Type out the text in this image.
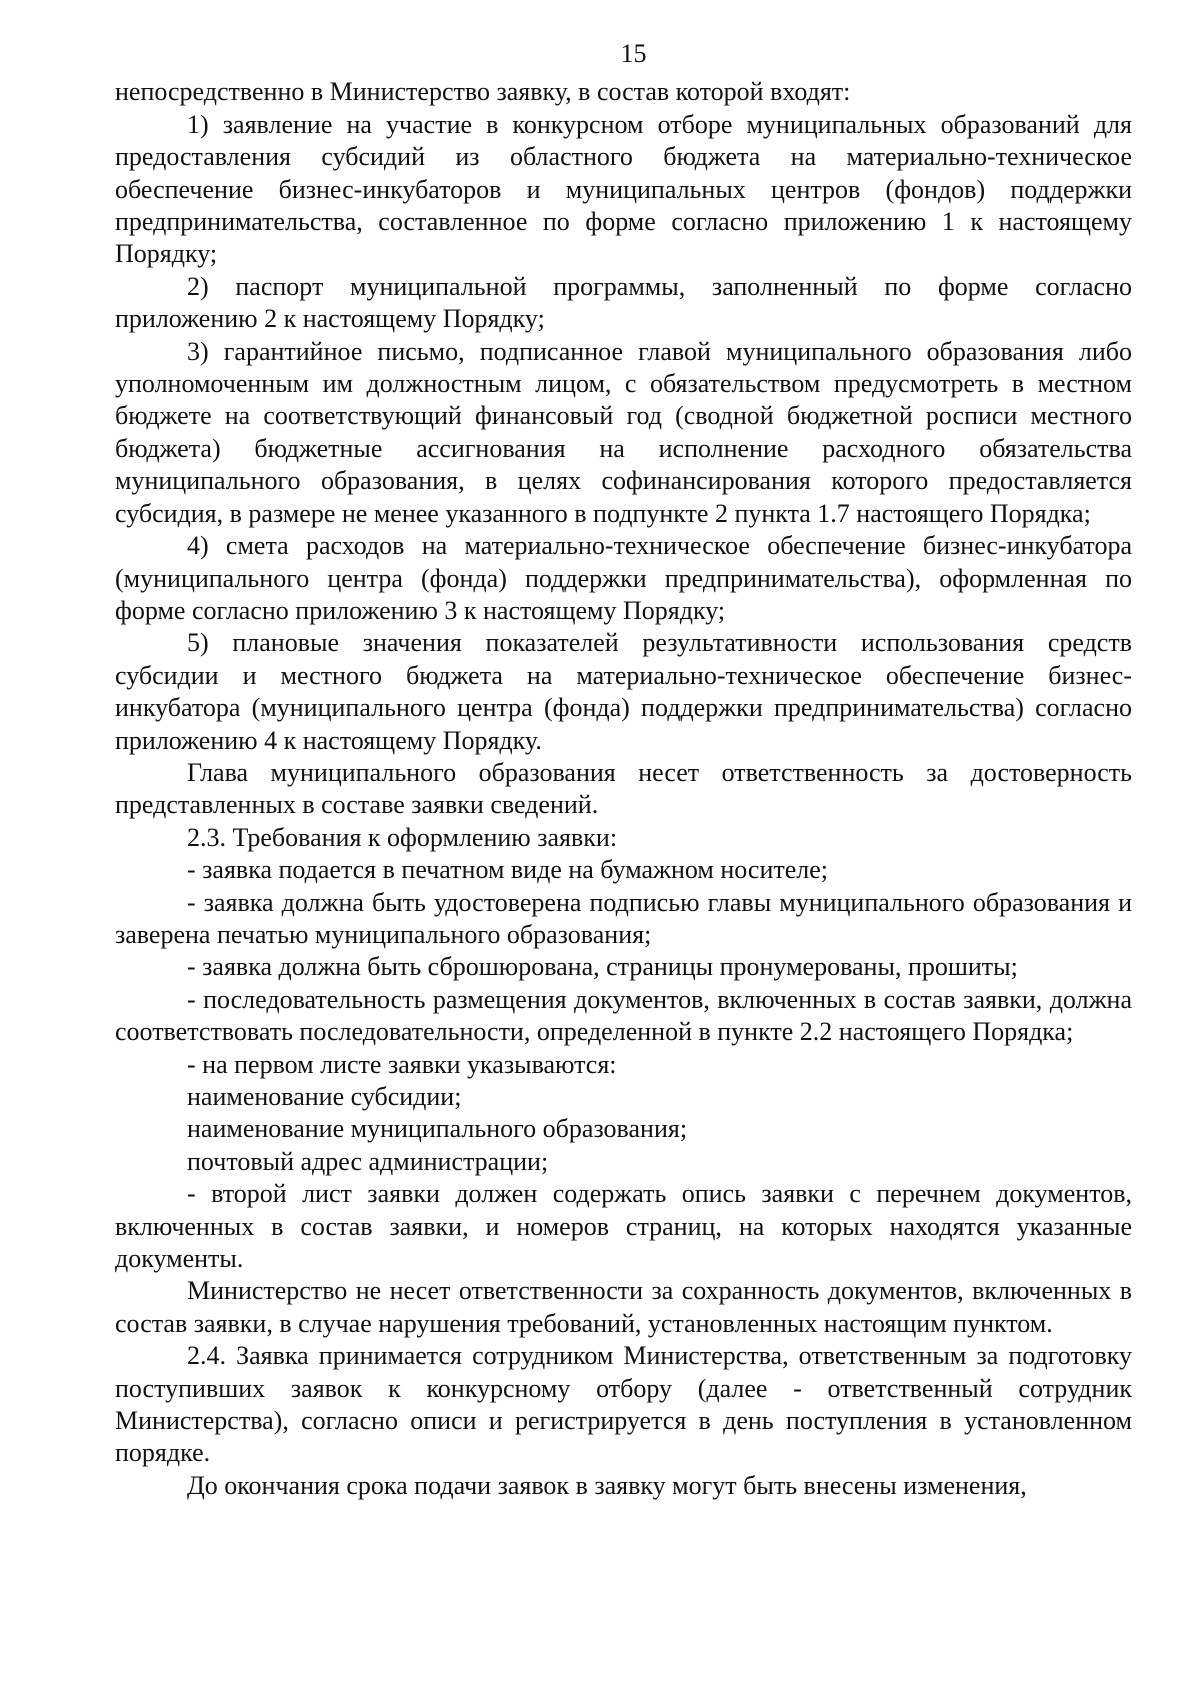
15

непосредственно в Министерство заявку, в состав которой входят:

1) заявление на участие в конкурсном отборе муниципальных образований для предоставления субсидий из областного бюджета на материально-техническое обеспечение бизнес-инкубаторов и муниципальных центров (фондов) поддержки предпринимательства, составленное по форме согласно приложению 1 к настоящему Порядку;

2) паспорт муниципальной программы, заполненный по форме согласно приложению 2 к настоящему Порядку;

3) гарантийное письмо, подписанное главой муниципального образования либо уполномоченным им должностным лицом, с обязательством предусмотреть в местном бюджете на соответствующий финансовый год (сводной бюджетной росписи местного бюджета) бюджетные ассигнования на исполнение расходного обязательства муниципального образования, в целях софинансирования которого предоставляется субсидия, в размере не менее указанного в подпункте 2 пункта 1.7 настоящего Порядка;

4) смета расходов на материально-техническое обеспечение бизнес-инкубатора (муниципального центра (фонда) поддержки предпринимательства), оформленная по форме согласно приложению 3 к настоящему Порядку;

5) плановые значения показателей результативности использования средств субсидии и местного бюджета на материально-техническое обеспечение бизнес-инкубатора (муниципального центра (фонда) поддержки предпринимательства) согласно приложению 4 к настоящему Порядку.

Глава муниципального образования несет ответственность за достоверность представленных в составе заявки сведений.

2.3. Требования к оформлению заявки:

- заявка подается в печатном виде на бумажном носителе;

- заявка должна быть удостоверена подписью главы муниципального образования и заверена печатью муниципального образования;

- заявка должна быть сброшюрована, страницы пронумерованы, прошиты;

- последовательность размещения документов, включенных в состав заявки, должна соответствовать последовательности, определенной в пункте 2.2 настоящего Порядка;

- на первом листе заявки указываются:

наименование субсидии;

наименование муниципального образования;

почтовый адрес администрации;

- второй лист заявки должен содержать опись заявки с перечнем документов, включенных в состав заявки, и номеров страниц, на которых находятся указанные документы.

Министерство не несет ответственности за сохранность документов, включенных в состав заявки, в случае нарушения требований, установленных настоящим пунктом.

2.4. Заявка принимается сотрудником Министерства, ответственным за подготовку поступивших заявок к конкурсному отбору (далее - ответственный сотрудник Министерства), согласно описи и регистрируется в день поступления в установленном порядке.

До окончания срока подачи заявок в заявку могут быть внесены изменения,
